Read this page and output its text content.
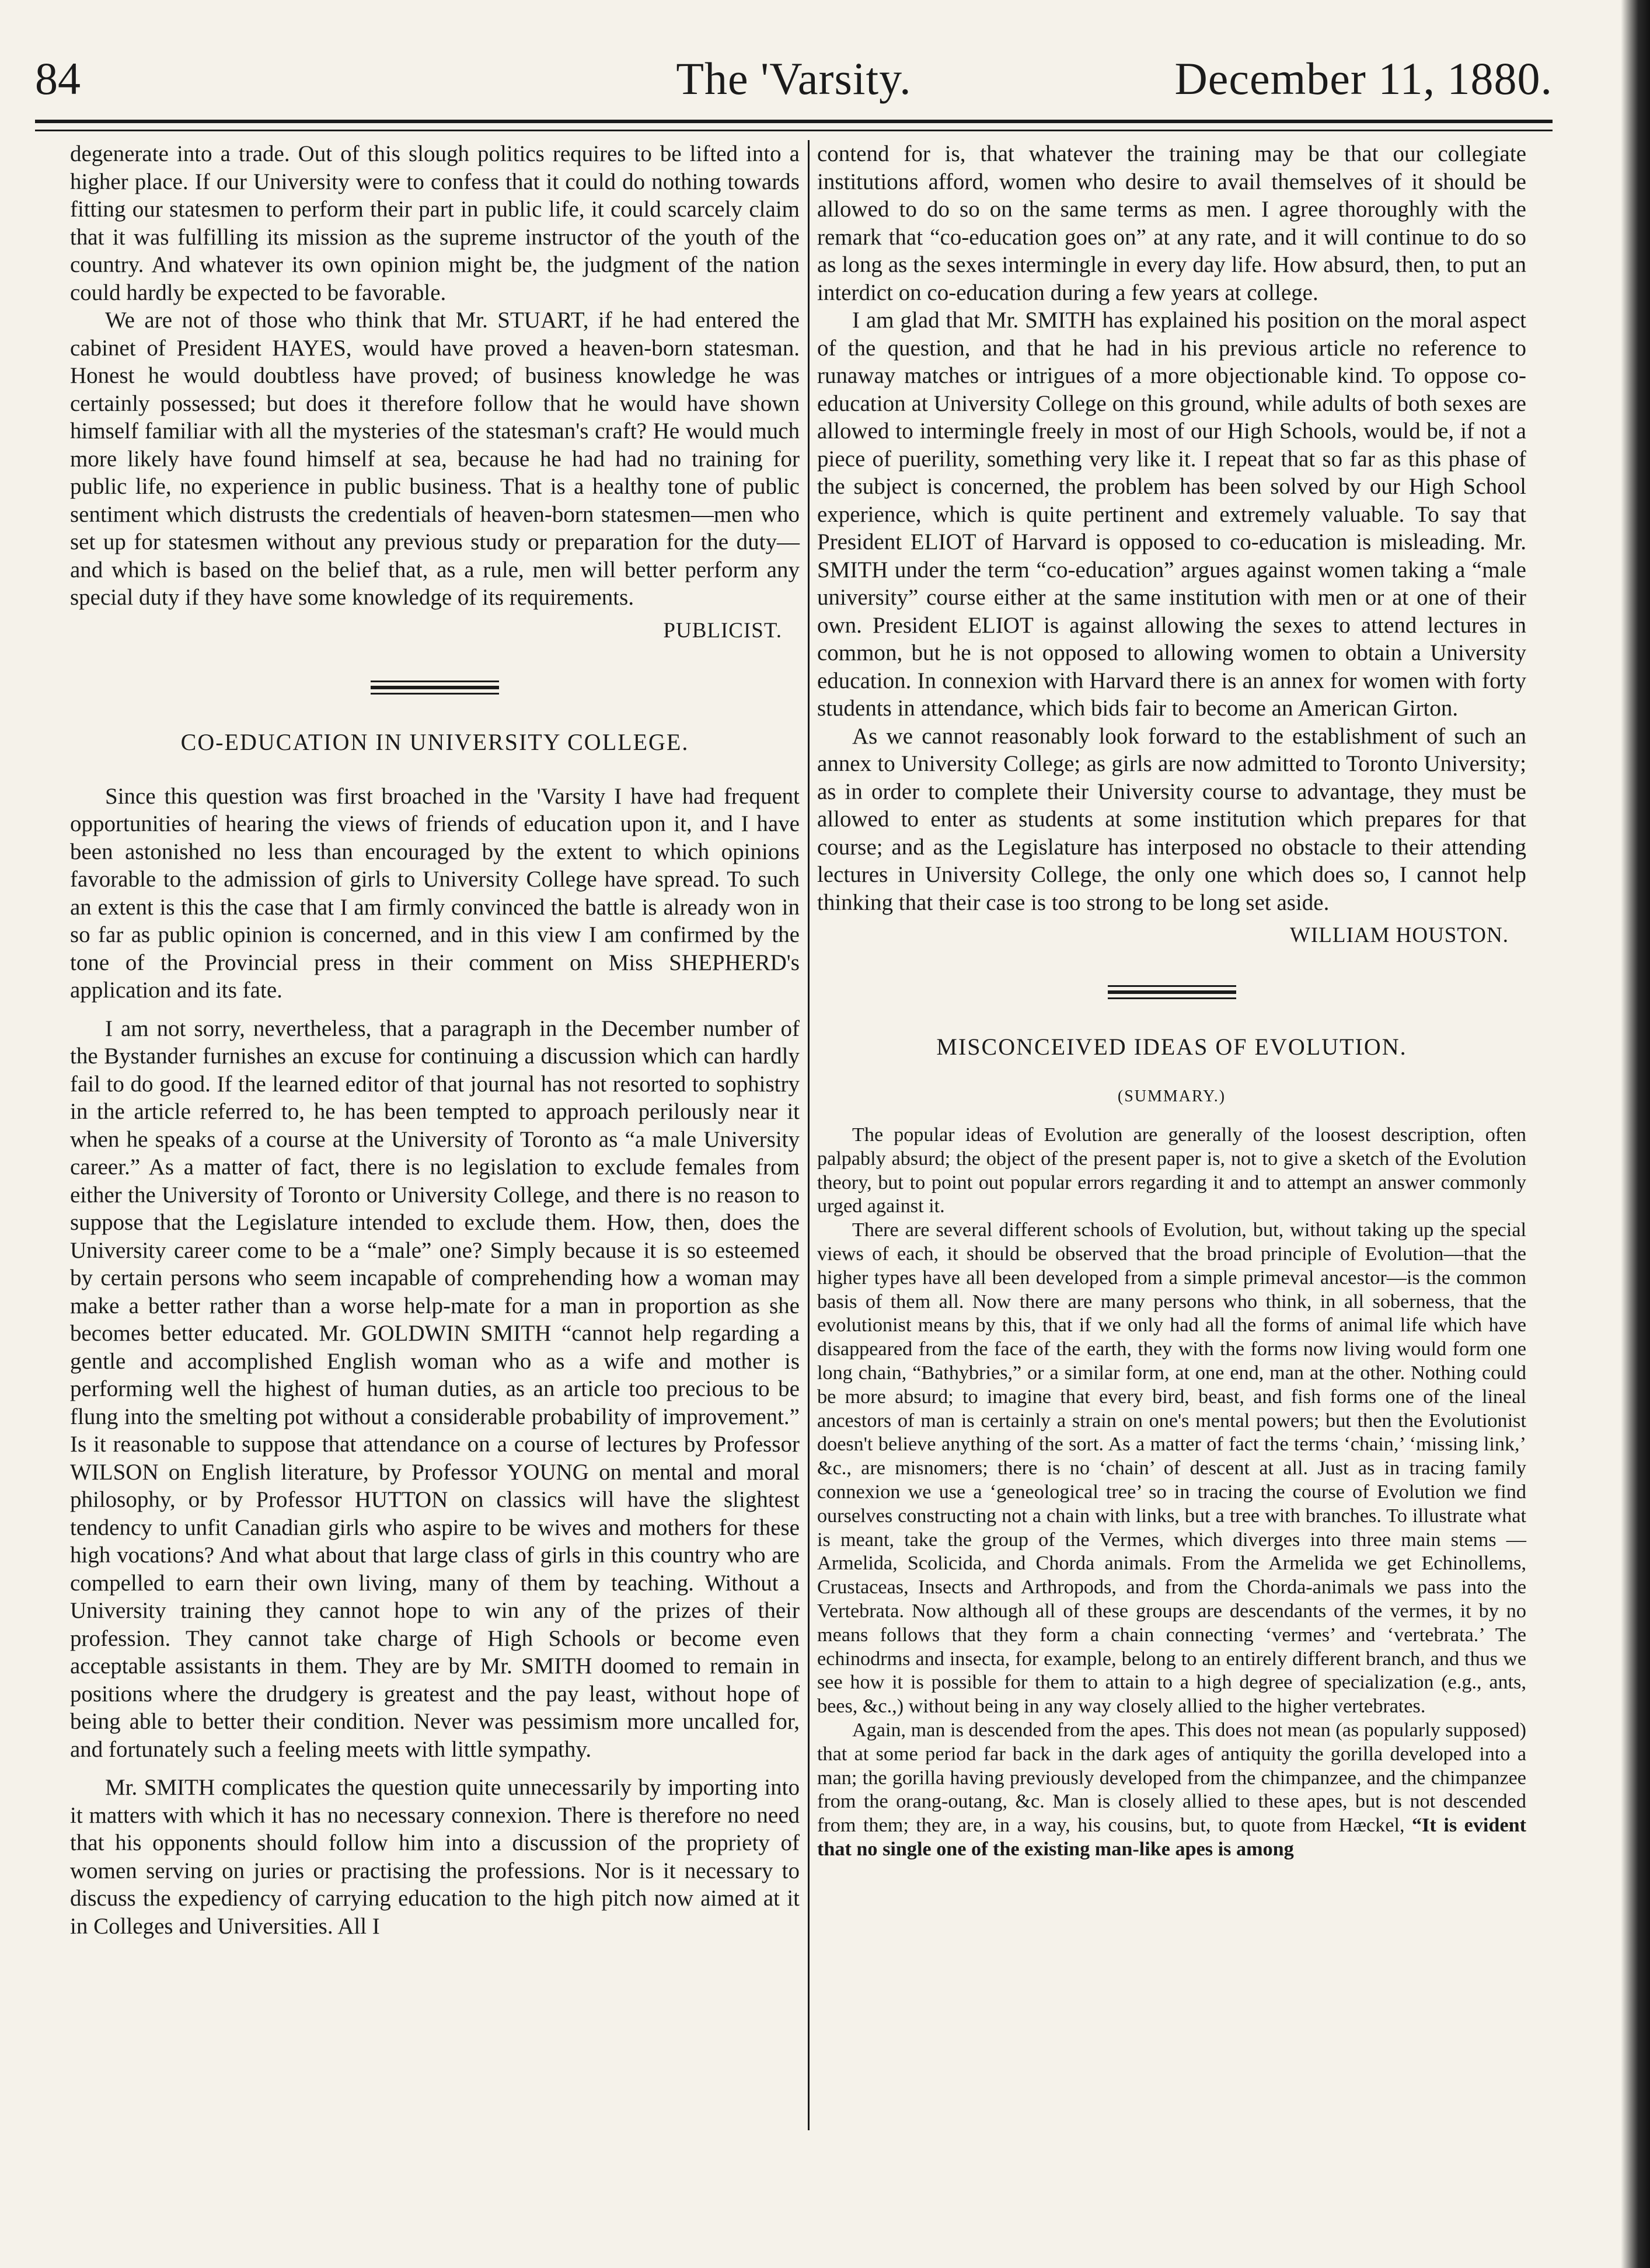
The 'Varsity.
84	December 11, 1880.

degenerate into a trade. Out of this slough politics requires to be lifted into a higher place. If our University were to confess that it could do nothing towards fitting our statesmen to perform their part in public life, it could scarcely claim that it was fulfilling its mission as the supreme instructor of the youth of the country. And whatever its own opinion might be, the judgment of the nation could hardly be expected to be favorable.

We are not of those who think that Mr. STUART, if he had entered the cabinet of President HAYES, would have proved a heaven-born statesman. Honest he would doubtless have proved; of business knowledge he was certainly possessed; but does it therefore follow that he would have shown himself familiar with all the mysteries of the statesman's craft? He would much more likely have found himself at sea, because he had had no training for public life, no experience in public business. That is a healthy tone of public sentiment which distrusts the credentials of heaven-born statesmen—men who set up for statesmen without any previous study or preparation for the duty—and which is based on the belief that, as a rule, men will better perform any special duty if they have some knowledge of its requirements.

PUBLICIST.
CO-EDUCATION IN UNIVERSITY COLLEGE.

Since this question was first broached in the 'Varsity I have had frequent opportunities of hearing the views of friends of education upon it, and I have been astonished no less than encouraged by the extent to which opinions favorable to the admission of girls to University College have spread. To such an extent is this the case that I am firmly convinced the battle is already won in so far as public opinion is concerned, and in this view I am confirmed by the tone of the Provincial press in their comment on Miss SHEPHERD's application and its fate.

I am not sorry, nevertheless, that a paragraph in the December number of the Bystander furnishes an excuse for continuing a discussion which can hardly fail to do good. If the learned editor of that journal has not resorted to sophistry in the article referred to, he has been tempted to approach perilously near it when he speaks of a course at the University of Toronto as “a male University career.” As a matter of fact, there is no legislation to exclude females from either the University of Toronto or University College, and there is no reason to suppose that the Legislature intended to exclude them. How, then, does the University career come to be a “male” one? Simply because it is so esteemed by certain persons who seem incapable of comprehending how a woman may make a better rather than a worse help-mate for a man in proportion as she becomes better educated. Mr. GOLDWIN SMITH “cannot help regarding a gentle and accomplished English woman who as a wife and mother is performing well the highest of human duties, as an article too precious to be flung into the smelting pot without a considerable probability of improvement.” Is it reasonable to suppose that attendance on a course of lectures by Professor WILSON on English literature, by Professor YOUNG on mental and moral philosophy, or by Professor HUTTON on classics will have the slightest tendency to unfit Canadian girls who aspire to be wives and mothers for these high vocations? And what about that large class of girls in this country who are compelled to earn their own living, many of them by teaching. Without a University training they cannot hope to win any of the prizes of their profession. They cannot take charge of High Schools or become even acceptable assistants in them. They are by Mr. SMITH doomed to remain in positions where the drudgery is greatest and the pay least, without hope of being able to better their condition. Never was pessimism more uncalled for, and fortunately such a feeling meets with little sympathy.

Mr. SMITH complicates the question quite unnecessarily by importing into it matters with which it has no necessary connexion. There is therefore no need that his opponents should follow him into a discussion of the propriety of women serving on juries or practising the professions. Nor is it necessary to discuss the expediency of carrying education to the high pitch now aimed at it in Colleges and Universities. All I

contend for is, that whatever the training may be that our collegiate institutions afford, women who desire to avail themselves of it should be allowed to do so on the same terms as men. I agree thoroughly with the remark that “co-education goes on” at any rate, and it will continue to do so as long as the sexes intermingle in every day life. How absurd, then, to put an interdict on co-education during a few years at college.

I am glad that Mr. SMITH has explained his position on the moral aspect of the question, and that he had in his previous article no reference to runaway matches or intrigues of a more objectionable kind. To oppose co-education at University College on this ground, while adults of both sexes are allowed to intermingle freely in most of our High Schools, would be, if not a piece of puerility, something very like it. I repeat that so far as this phase of the subject is concerned, the problem has been solved by our High School experience, which is quite pertinent and extremely valuable. To say that President ELIOT of Harvard is opposed to co-education is misleading. Mr. SMITH under the term “co-education” argues against women taking a “male university” course either at the same institution with men or at one of their own. President ELIOT is against allowing the sexes to attend lectures in common, but he is not opposed to allowing women to obtain a University education. In connexion with Harvard there is an annex for women with forty students in attendance, which bids fair to become an American Girton.

As we cannot reasonably look forward to the establishment of such an annex to University College; as girls are now admitted to Toronto University; as in order to complete their University course to advantage, they must be allowed to enter as students at some institution which prepares for that course; and as the Legislature has interposed no obstacle to their attending lectures in University College, the only one which does so, I cannot help thinking that their case is too strong to be long set aside.

WILLIAM HOUSTON.
MISCONCEIVED IDEAS OF EVOLUTION.
(SUMMARY.)

The popular ideas of Evolution are generally of the loosest description, often palpably absurd; the object of the present paper is, not to give a sketch of the Evolution theory, but to point out popular errors regarding it and to attempt an answer commonly urged against it.

There are several different schools of Evolution, but, without taking up the special views of each, it should be observed that the broad principle of Evolution—that the higher types have all been developed from a simple primeval ancestor—is the common basis of them all. Now there are many persons who think, in all soberness, that the evolutionist means by this, that if we only had all the forms of animal life which have disappeared from the face of the earth, they with the forms now living would form one long chain, “Bathybries,” or a similar form, at one end, man at the other. Nothing could be more absurd; to imagine that every bird, beast, and fish forms one of the lineal ancestors of man is certainly a strain on one's mental powers; but then the Evolutionist doesn't believe anything of the sort. As a matter of fact the terms ‘chain,’ ‘missing link,’ &c., are misnomers; there is no ‘chain’ of descent at all. Just as in tracing family connexion we use a ‘geneological tree’ so in tracing the course of Evolution we find ourselves constructing not a chain with links, but a tree with branches. To illustrate what is meant, take the group of the Vermes, which diverges into three main stems — Armelida, Scolicida, and Chorda animals. From the Armelida we get Echinollems, Crustaceas, Insects and Arthropods, and from the Chorda-animals we pass into the Vertebrata. Now although all of these groups are descendants of the vermes, it by no means follows that they form a chain connecting ‘vermes’ and ‘vertebrata.’ The echinodrms and insecta, for example, belong to an entirely different branch, and thus we see how it is possible for them to attain to a high degree of specialization (e.g., ants, bees, &c.,) without being in any way closely allied to the higher vertebrates.

Again, man is descended from the apes. This does not mean (as popularly supposed) that at some period far back in the dark ages of antiquity the gorilla developed into a man; the gorilla having previously developed from the chimpanzee, and the chimpanzee from the orang-outang, &c. Man is closely allied to these apes, but is not descended from them; they are, in a way, his cousins, but, to quote from Hæckel, “It is evident that no single one of the existing man-like apes is among
